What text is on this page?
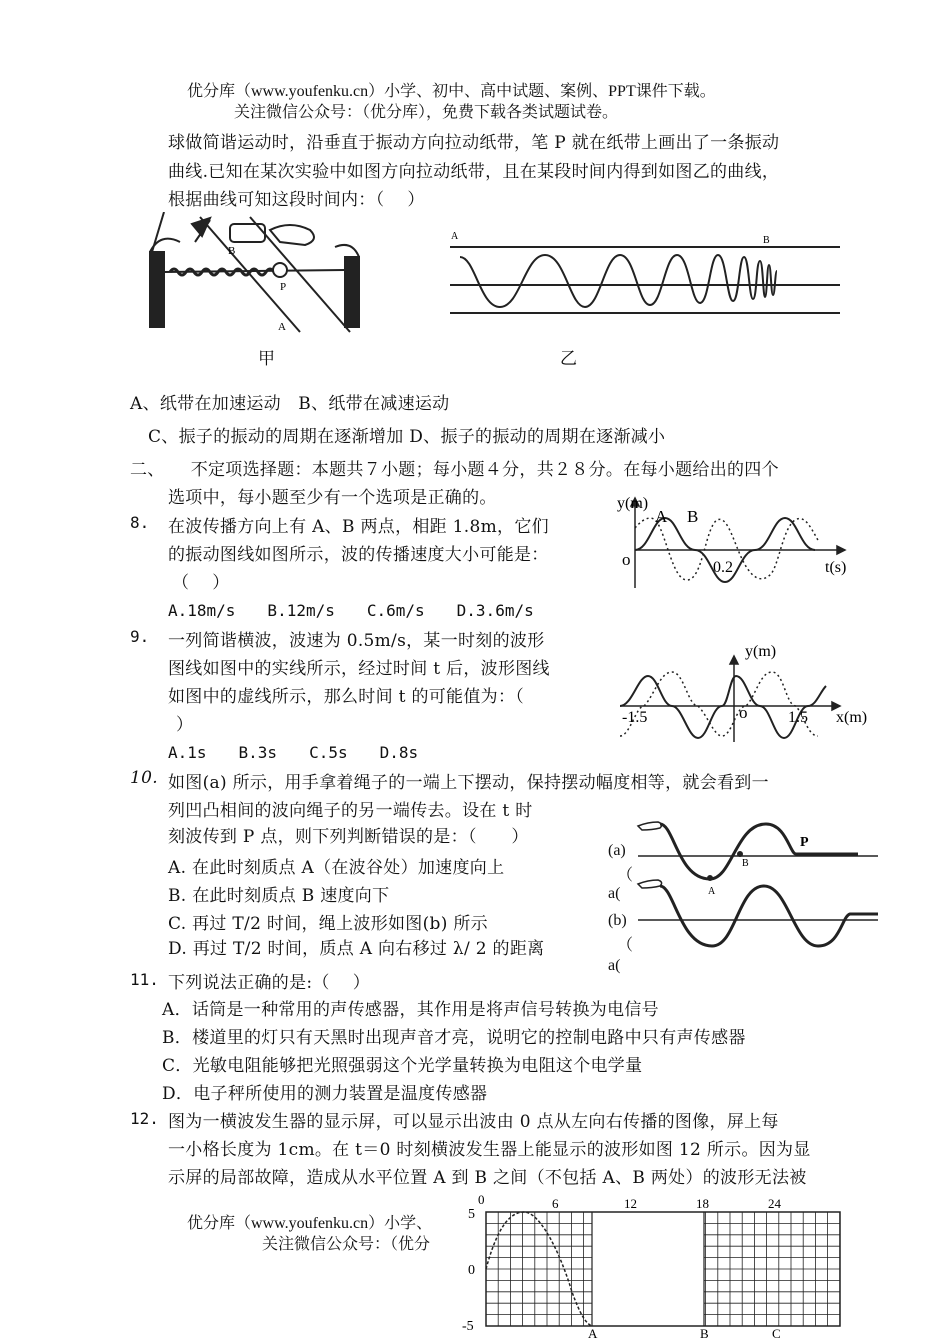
优分库（www.youfenku.cn）小学、初中、高中试题、案例、PPT课件下载。
关注微信公众号：（优分库），免费下载各类试题试卷。
球做简谐运动时，沿垂直于振动方向拉动纸带，笔 P 就在纸带上画出了一条振动
曲线.已知在某次实验中如图方向拉动纸带，且在某段时间内得到如图乙的曲线，
根据曲线可知这段时间内：（　 ）
B
P
A
甲
A	B
乙
A、纸带在加速运动　B、纸带在减速运动
C、振子的振动的周期在逐渐增加 D、振子的振动的周期在逐渐减小
二、　　不定项选择题：本题共７小题；每小题４分，共２８分。在每小题给出的四个
选项中，每小题至少有一个选项是正确的。
8. 在波传播方向上有 A、B 两点，相距 1.8m，它们
的振动图线如图所示，波的传播速度大小可能是：
（　 ）
A.18m/s　　B.12m/s　　C.6m/s　　D.3.6m/s
y(m)
A B
o	0.2	t(s)
9. 一列简谐横波，波速为 0.5m/s，某一时刻的波形
图线如图中的实线所示，经过时间 t 后，波形图线
如图中的虚线所示，那么时间 t 的可能值为：（
）
A.1s　　B.3s　　C.5s　　D.8s
y(m)
-1.5	o	1.5 x(m)
10. 如图(a) 所示，用手拿着绳子的一端上下摆动，保持摆动幅度相等，就会看到一
列凹凸相间的波向绳子的另一端传去。设在 t 时
刻波传到 P 点，则下列判断错误的是：（　　）
A. 在此时刻质点 A（在波谷处）加速度向上
B. 在此时刻质点 B 速度向下
C. 再过 T/2 时间，绳上波形如图(b) 所示
D. 再过 T/2 时间，质点 A 向右移过 λ/ 2 的距离
(a)
（
a(
(b)
（
a(
P
B
A
11. 下列说法正确的是:（　 ）
A．话筒是一种常用的声传感器，其作用是将声信号转换为电信号
B．楼道里的灯只有天黑时出现声音才亮，说明它的控制电路中只有声传感器
C．光敏电阻能够把光照强弱这个光学量转换为电阻这个电学量
D．电子秤所使用的测力装置是温度传感器
12. 图为一横波发生器的显示屏，可以显示出波由 0 点从左向右传播的图像，屏上每
一小格长度为 1cm。在 t＝0 时刻横波发生器上能显示的波形如图 12 所示。因为显
示屏的局部故障，造成从水平位置 A 到 B 之间（不包括 A、B 两处）的波形无法被
优分库（www.youfenku.cn）小学、
关注微信公众号：（优分
5
0
-5
0	6	12	18	24
A	B	C
